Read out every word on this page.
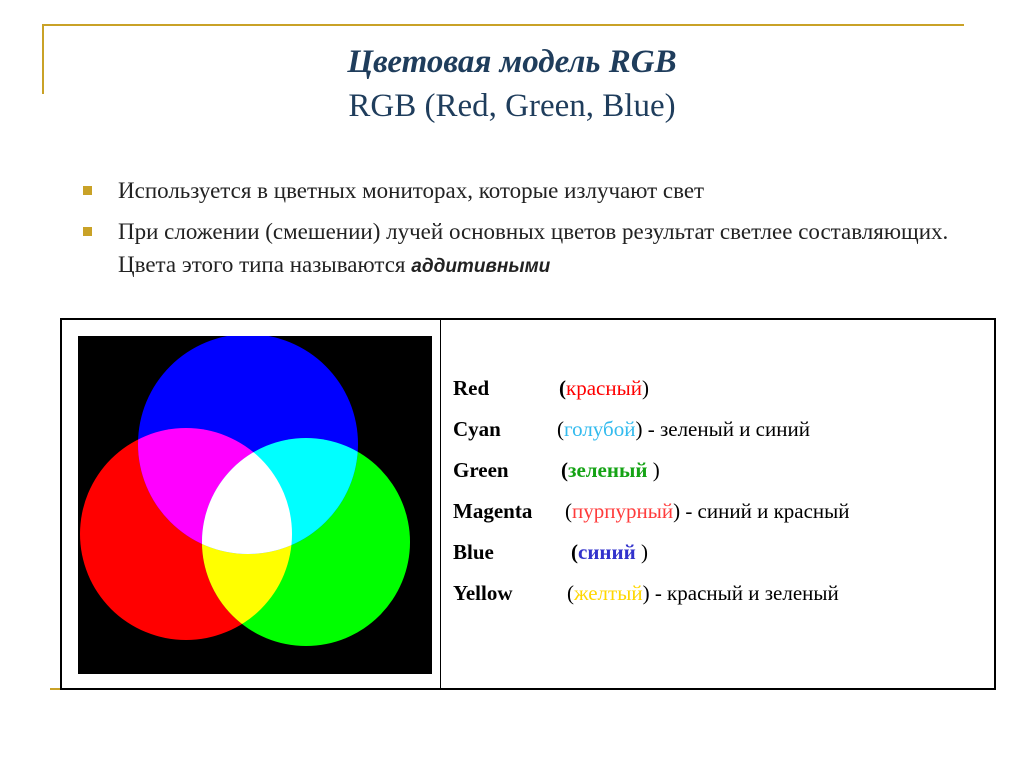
Цветовая модель RGB
RGB (Red, Green, Blue)
Используется в цветных мониторах, которые излучают свет
При сложении (смешении) лучей основных цветов результат светлее составляющих. Цвета этого типа называются аддитивными
Red	(красный)
Cyan	(голубой) - зеленый и синий
Green (зеленый )
Magenta (пурпурный) - синий и красный
Blue	(синий )
Yellow	(желтый) - красный и зеленый
